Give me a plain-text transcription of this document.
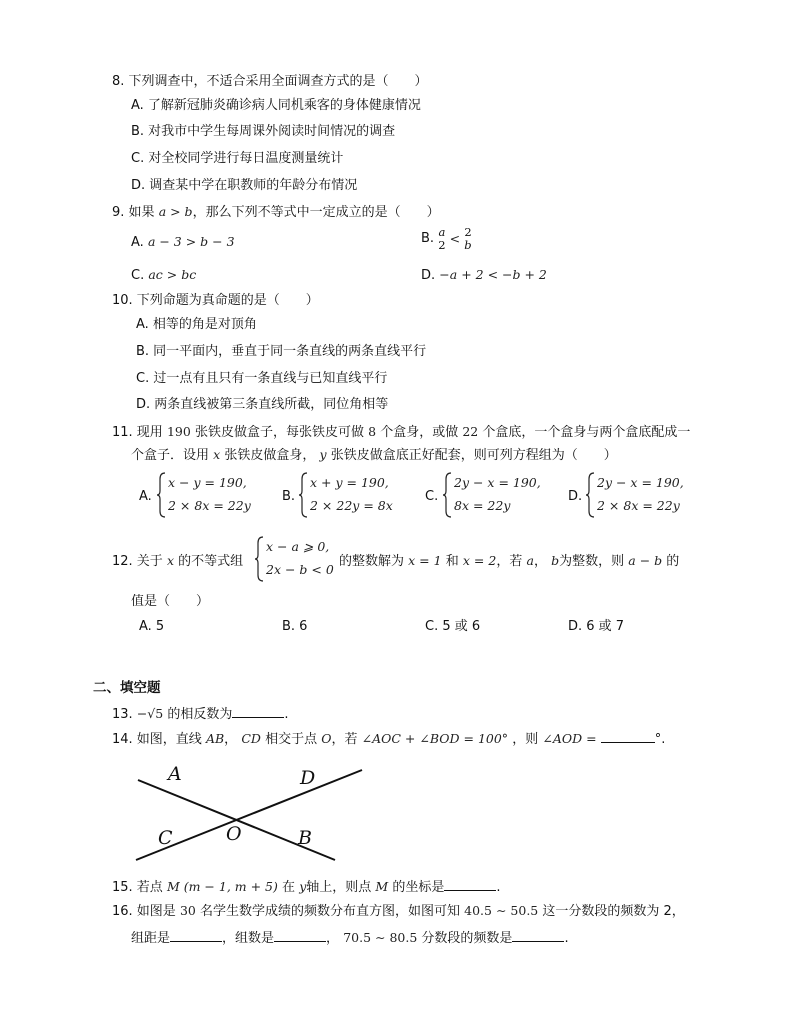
8. 下列调查中，不适合采用全面调查方式的是（　　）
A. 了解新冠肺炎确诊病人同机乘客的身体健康情况
B. 对我市中学生每周课外阅读时间情况的调查
C. 对全校同学进行每日温度测量统计
D. 调查某中学在职教师的年龄分布情况
9. 如果 a > b，那么下列不等式中一定成立的是（　　）
A. a − 3 > b − 3	B. a
2 < 2
b
C. ac > bc	D. −a + 2 < −b + 2
10. 下列命题为真命题的是（　　）
A. 相等的角是对顶角
B. 同一平面内，垂直于同一条直线的两条直线平行
C. 过一点有且只有一条直线与已知直线平行
D. 两条直线被第三条直线所截，同位角相等
11. 现用 190 张铁皮做盒子，每张铁皮可做 8 个盒身，或做 22 个盒底，一个盒身与两个盒底配成一
个盒子．设用 x 张铁皮做盒身， y 张铁皮做盒底正好配套，则可列方程组为（　　）
A.
x − y = 190,
2 × 8x = 22y
B.
x + y = 190,
2 × 22y = 8x
C.
2y − x = 190,
8x = 22y
D.
2y − x = 190,
2 × 8x = 22y
12. 关于 x 的不等式组
x − a ⩾ 0,
2x − b < 0
的整数解为 x = 1 和 x = 2，若 a， b为整数，则 a − b 的
值是（　　）
A. 5	B. 6	C. 5 或 6	D. 6 或 7
二、填空题
13. −√5 的相反数为	.
14. 如图，直线 AB， CD 相交于点 O，若 ∠AOC + ∠BOD = 100° ，则 ∠AOD =	°.
A	D
C	O	B
15. 若点 M (m − 1, m + 5) 在 y轴上，则点 M 的坐标是	.
16. 如图是 30 名学生数学成绩的频数分布直方图，如图可知 40.5 ∼ 50.5 这一分数段的频数为 2，
组距是	，组数是	， 70.5 ∼ 80.5 分数段的频数是	.
